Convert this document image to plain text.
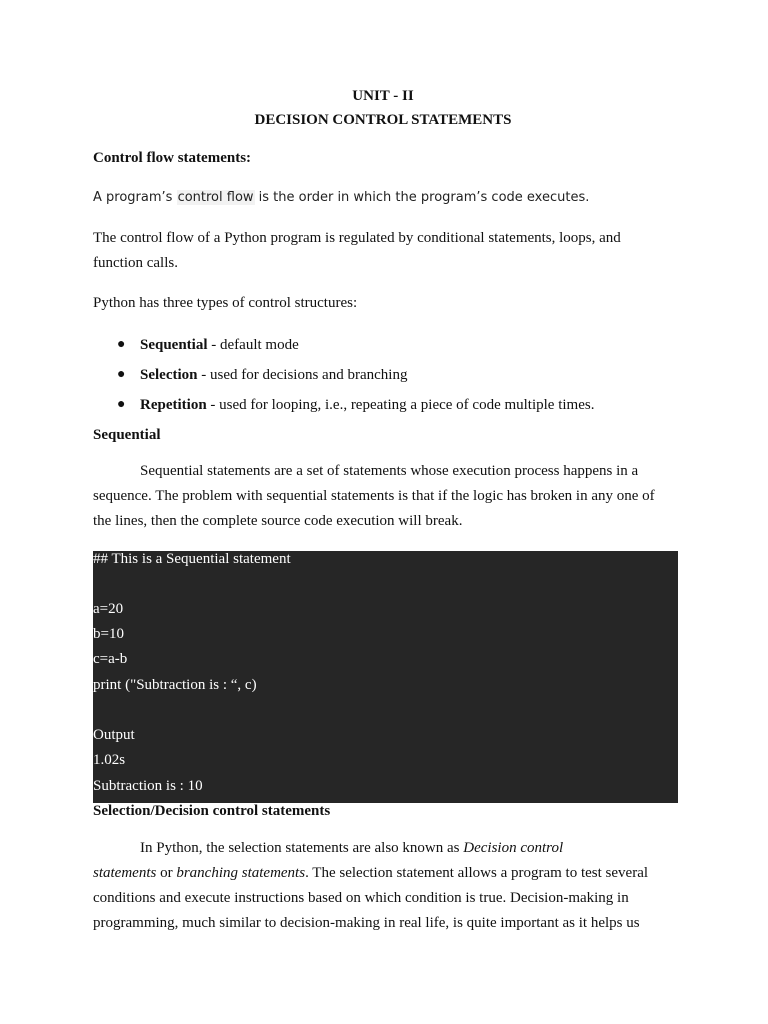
UNIT - II
DECISION CONTROL STATEMENTS
Control flow statements:
A program’s control flow is the order in which the program’s code executes.
The control flow of a Python program is regulated by conditional statements, loops, and
function calls.
Python has three types of control structures:
● Sequential - default mode
● Selection - used for decisions and branching
● Repetition - used for looping, i.e., repeating a piece of code multiple times.
Sequential
Sequential statements are a set of statements whose execution process happens in a
sequence. The problem with sequential statements is that if the logic has broken in any one of
the lines, then the complete source code execution will break.
## This is a Sequential statement
a=20
b=10
c=a-b
print ("Subtraction is : “, c)
Output
1.02s
Subtraction is : 10
Selection/Decision control statements
In Python, the selection statements are also known as Decision control
statements or branching statements. The selection statement allows a program to test several
conditions and execute instructions based on which condition is true. Decision-making in
programming, much similar to decision-making in real life, is quite important as it helps us
